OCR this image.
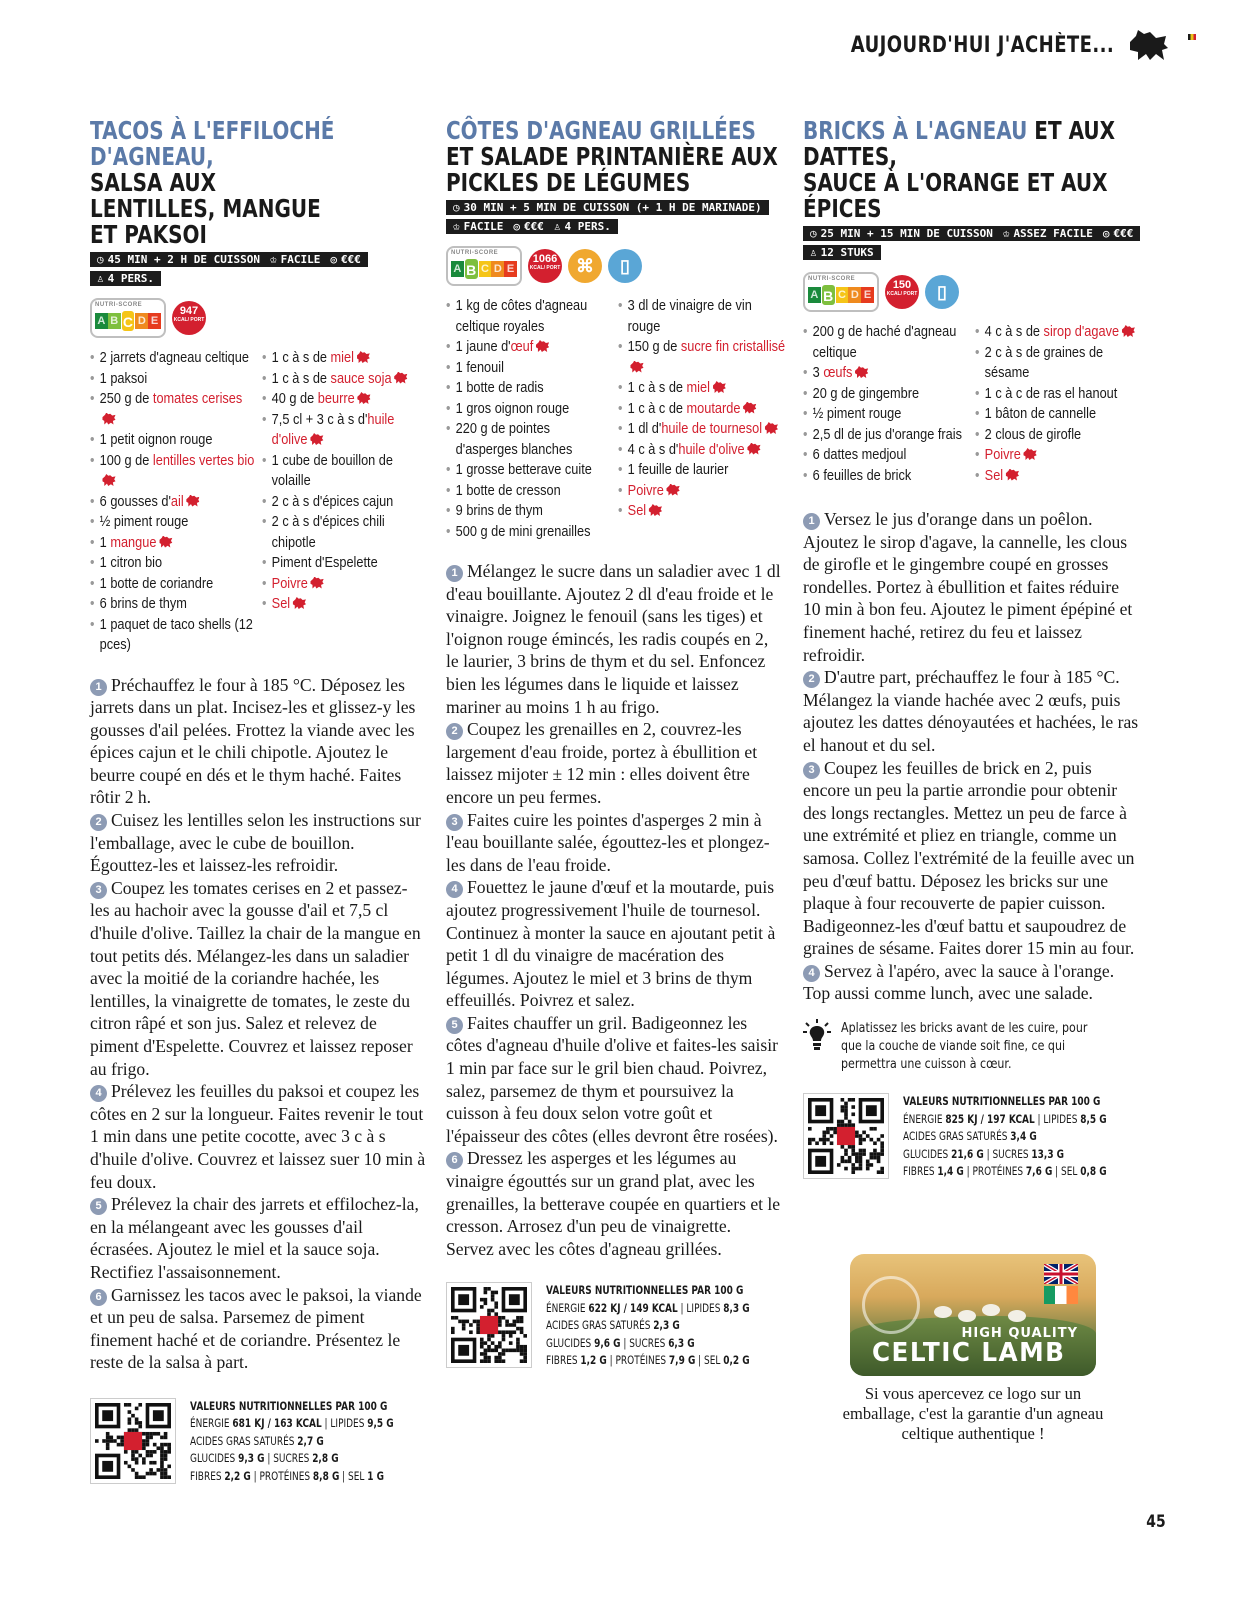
AUJOURD'HUI J'ACHÈTE...
TACOS À L'EFFILOCHÉ D'AGNEAU,
SALSA AUX LENTILLES, MANGUE ET PAKSOI
◷ 45 MIN + 2 H DE CUISSON ♔ FACILE ◎ €€€
♙ 4 PERS.
NUTRI-SCORE
A B C D E
947
KCAL/ PORT
• 2 jarrets d'agneau celtique
• 1 paksoi
• 250 g de tomates cerises
• 1 petit oignon rouge
• 100 g de lentilles vertes bio
• 6 gousses d'ail
• ½ piment rouge
• 1 mangue
• 1 citron bio
• 1 botte de coriandre
• 6 brins de thym
• 1 paquet de taco shells (12 pces)
• 1 c à s de miel
• 1 c à s de sauce soja
• 40 g de beurre
• 7,5 cl + 3 c à s d'huile d'olive
• 1 cube de bouillon de volaille
• 2 c à s d'épices cajun
• 2 c à s d'épices chili chipotle
• Piment d'Espelette
• Poivre
• Sel
1 Préchauffez le four à 185 °C. Déposez les jarrets dans un plat. Incisez-les et glissez-y les gousses d'ail pelées. Frottez la viande avec les épices cajun et le chili chipotle. Ajoutez le beurre coupé en dés et le thym haché. Faites rôtir 2 h.
2 Cuisez les lentilles selon les instructions sur l'emballage, avec le cube de bouillon. Égouttez-les et laissez-les refroidir.
3 Coupez les tomates cerises en 2 et passez-les au hachoir avec la gousse d'ail et 7,5 cl d'huile d'olive. Taillez la chair de la mangue en tout petits dés. Mélangez-les dans un saladier avec la moitié de la coriandre hachée, les lentilles, la vinaigrette de tomates, le zeste du citron râpé et son jus. Salez et relevez de piment d'Espelette. Couvrez et laissez reposer au frigo.
4 Prélevez les feuilles du paksoi et coupez les côtes en 2 sur la longueur. Faites revenir le tout 1 min dans une petite cocotte, avec 3 c à s d'huile d'olive. Couvrez et laissez suer 10 min à feu doux.
5 Prélevez la chair des jarrets et effilochez-la, en la mélangeant avec les gousses d'ail écrasées. Ajoutez le miel et la sauce soja. Rectifiez l'assaisonnement.
6 Garnissez les tacos avec le paksoi, la viande et un peu de salsa. Parsemez de piment finement haché et de coriandre. Présentez le reste de la salsa à part.
VALEURS NUTRITIONNELLES PAR 100 G
ÉNERGIE 681 KJ / 163 KCAL | LIPIDES 9,5 G
ACIDES GRAS SATURÉS 2,7 G
GLUCIDES 9,3 G | SUCRES 2,8 G
FIBRES 2,2 G | PROTÉINES 8,8 G | SEL 1 G
CÔTES D'AGNEAU GRILLÉES
ET SALADE PRINTANIÈRE AUX PICKLES DE LÉGUMES
◷ 30 MIN + 5 MIN DE CUISSON (+ 1 H DE MARINADE)
♔ FACILE ◎ €€€ ♙ 4 PERS.
NUTRI-SCORE
A B C D E
1066
KCAL/ PORT ⌘	▯
• 1 kg de côtes d'agneau celtique royales
• 1 jaune d'œuf
• 1 fenouil
• 1 botte de radis
• 1 gros oignon rouge
• 220 g de pointes d'asperges blanches
• 1 grosse betterave cuite
• 1 botte de cresson
• 9 brins de thym
• 500 g de mini grenailles
• 3 dl de vinaigre de vin rouge
• 150 g de sucre fin cristallisé
• 1 c à s de miel
• 1 c à c de moutarde
• 1 dl d'huile de tournesol
• 4 c à s d'huile d'olive
• 1 feuille de laurier
• Poivre
• Sel
1 Mélangez le sucre dans un saladier avec 1 dl d'eau bouillante. Ajoutez 2 dl d'eau froide et le vinaigre. Joignez le fenouil (sans les tiges) et l'oignon rouge émincés, les radis coupés en 2, le laurier, 3 brins de thym et du sel. Enfoncez bien les légumes dans le liquide et laissez mariner au moins 1 h au frigo.
2 Coupez les grenailles en 2, couvrez-les largement d'eau froide, portez à ébullition et laissez mijoter ± 12 min : elles doivent être encore un peu fermes.
3 Faites cuire les pointes d'asperges 2 min à l'eau bouillante salée, égouttez-les et plongez-les dans de l'eau froide.
4 Fouettez le jaune d'œuf et la moutarde, puis ajoutez progressivement l'huile de tournesol. Continuez à monter la sauce en ajoutant petit à petit 1 dl du vinaigre de macération des légumes. Ajoutez le miel et 3 brins de thym effeuillés. Poivrez et salez.
5 Faites chauffer un gril. Badigeonnez les côtes d'agneau d'huile d'olive et faites-les saisir 1 min par face sur le gril bien chaud. Poivrez, salez, parsemez de thym et poursuivez la cuisson à feu doux selon votre goût et l'épaisseur des côtes (elles devront être rosées).
6 Dressez les asperges et les légumes au vinaigre égouttés sur un grand plat, avec les grenailles, la betterave coupée en quartiers et le cresson. Arrosez d'un peu de vinaigrette. Servez avec les côtes d'agneau grillées.
VALEURS NUTRITIONNELLES PAR 100 G
ÉNERGIE 622 KJ / 149 KCAL | LIPIDES 8,3 G
ACIDES GRAS SATURÉS 2,3 G
GLUCIDES 9,6 G | SUCRES 6,3 G
FIBRES 1,2 G | PROTÉINES 7,9 G | SEL 0,2 G
BRICKS À L'AGNEAU ET AUX DATTES,
SAUCE À L'ORANGE ET AUX ÉPICES
◷ 25 MIN + 15 MIN DE CUISSON ♔ ASSEZ FACILE ◎ €€€
♙ 12 STUKS
NUTRI-SCORE
A B C D E
150
KCAL/ PORT	▯
• 200 g de haché d'agneau celtique
• 3 œufs
• 20 g de gingembre
• ½ piment rouge
• 2,5 dl de jus d'orange frais
• 6 dattes medjoul
• 6 feuilles de brick
• 4 c à s de sirop d'agave
• 2 c à s de graines de sésame
• 1 c à c de ras el hanout
• 1 bâton de cannelle
• 2 clous de girofle
• Poivre
• Sel
1 Versez le jus d'orange dans un poêlon. Ajoutez le sirop d'agave, la cannelle, les clous de girofle et le gingembre coupé en grosses rondelles. Portez à ébullition et faites réduire 10 min à bon feu. Ajoutez le piment épépiné et finement haché, retirez du feu et laissez refroidir.
2 D'autre part, préchauffez le four à 185 °C. Mélangez la viande hachée avec 2 œufs, puis ajoutez les dattes dénoyautées et hachées, le ras el hanout et du sel.
3 Coupez les feuilles de brick en 2, puis encore un peu la partie arrondie pour obtenir des longs rectangles. Mettez un peu de farce à une extrémité et pliez en triangle, comme un samosa. Collez l'extrémité de la feuille avec un peu d'œuf battu. Déposez les bricks sur une plaque à four recouverte de papier cuisson. Badigeonnez-les d'œuf battu et saupoudrez de graines de sésame. Faites dorer 15 min au four.
4 Servez à l'apéro, avec la sauce à l'orange. Top aussi comme lunch, avec une salade.
Aplatissez les bricks avant de les cuire, pour que la couche de viande soit fine, ce qui permettra une cuisson à cœur.
VALEURS NUTRITIONNELLES PAR 100 G
ÉNERGIE 825 KJ / 197 KCAL | LIPIDES 8,5 G
ACIDES GRAS SATURÉS 3,4 G
GLUCIDES 21,6 G | SUCRES 13,3 G
FIBRES 1,4 G | PROTÉINES 7,6 G | SEL 0,8 G
HIGH QUALITY
CELTIC LAMB
Si vous apercevez ce logo sur un emballage, c'est la garantie d'un agneau celtique authentique !
45
